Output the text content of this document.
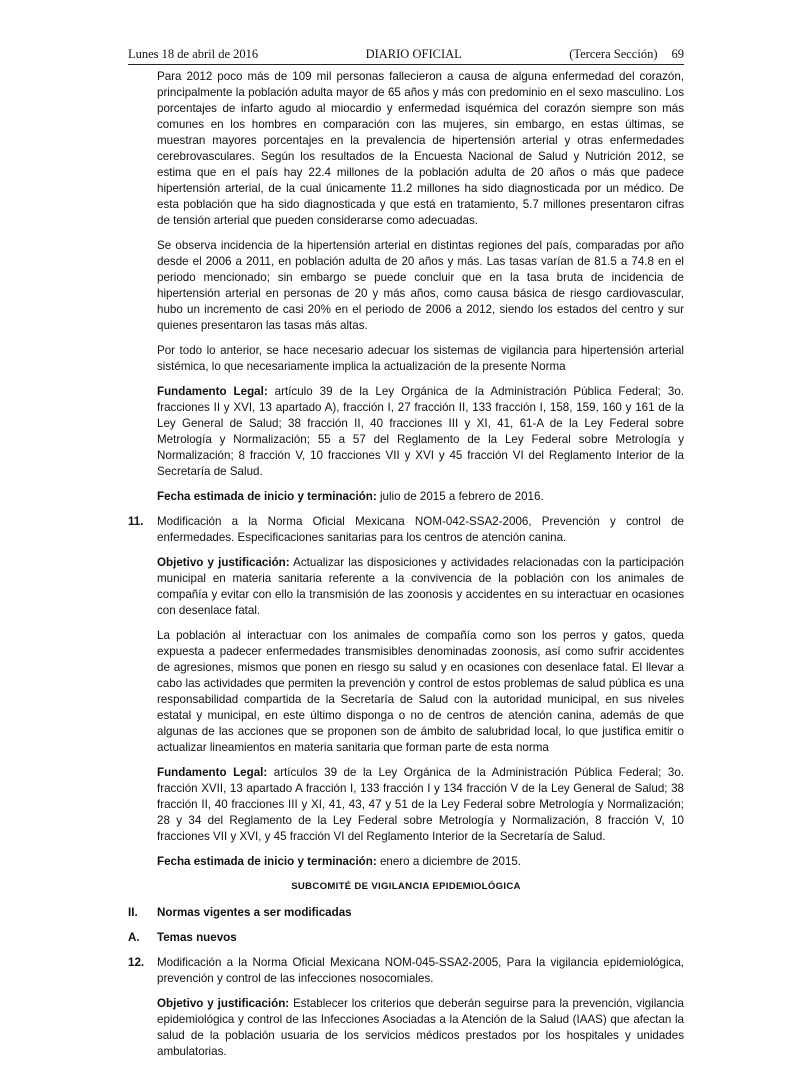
Lunes 18 de abril de 2016	DIARIO OFICIAL	(Tercera Sección) 69

Para 2012 poco más de 109 mil personas fallecieron a causa de alguna enfermedad del corazón, principalmente la población adulta mayor de 65 años y más con predominio en el sexo masculino. Los porcentajes de infarto agudo al miocardio y enfermedad isquémica del corazón siempre son más comunes en los hombres en comparación con las mujeres, sin embargo, en estas últimas, se muestran mayores porcentajes en la prevalencia de hipertensión arterial y otras enfermedades cerebrovasculares. Según los resultados de la Encuesta Nacional de Salud y Nutrición 2012, se estima que en el país hay 22.4 millones de la población adulta de 20 años o más que padece hipertensión arterial, de la cual únicamente 11.2 millones ha sido diagnosticada por un médico. De esta población que ha sido diagnosticada y que está en tratamiento, 5.7 millones presentaron cifras de tensión arterial que pueden considerarse como adecuadas.

Se observa incidencia de la hipertensión arterial en distintas regiones del país, comparadas por año desde el 2006 a 2011, en población adulta de 20 años y más. Las tasas varían de 81.5 a 74.8 en el periodo mencionado; sin embargo se puede concluir que en la tasa bruta de incidencia de hipertensión arterial en personas de 20 y más años, como causa básica de riesgo cardiovascular, hubo un incremento de casi 20% en el periodo de 2006 a 2012, siendo los estados del centro y sur quienes presentaron las tasas más altas.

Por todo lo anterior, se hace necesario adecuar los sistemas de vigilancia para hipertensión arterial sistémica, lo que necesariamente implica la actualización de la presente Norma

Fundamento Legal: artículo 39 de la Ley Orgánica de la Administración Pública Federal; 3o. fracciones II y XVI, 13 apartado A), fracción I, 27 fracción II, 133 fracción I, 158, 159, 160 y 161 de la Ley General de Salud; 38 fracción II, 40 fracciones III y XI, 41, 61-A de la Ley Federal sobre Metrología y Normalización; 55 a 57 del Reglamento de la Ley Federal sobre Metrología y Normalización; 8 fracción V, 10 fracciones VII y XVI y 45 fracción VI del Reglamento Interior de la Secretaría de Salud.

Fecha estimada de inicio y terminación: julio de 2015 a febrero de 2016.

11.	Modificación a la Norma Oficial Mexicana NOM-042-SSA2-2006, Prevención y control de enfermedades. Especificaciones sanitarias para los centros de atención canina.

Objetivo y justificación: Actualizar las disposiciones y actividades relacionadas con la participación municipal en materia sanitaria referente a la convivencia de la población con los animales de compañía y evitar con ello la transmisión de las zoonosis y accidentes en su interactuar en ocasiones con desenlace fatal.

La población al interactuar con los animales de compañía como son los perros y gatos, queda expuesta a padecer enfermedades transmisibles denominadas zoonosis, así como sufrir accidentes de agresiones, mismos que ponen en riesgo su salud y en ocasiones con desenlace fatal. El llevar a cabo las actividades que permiten la prevención y control de estos problemas de salud pública es una responsabilidad compartida de la Secretaría de Salud con la autoridad municipal, en sus niveles estatal y municipal, en este último disponga o no de centros de atención canina, además de que algunas de las acciones que se proponen son de ámbito de salubridad local, lo que justifica emitir o actualizar lineamientos en materia sanitaria que forman parte de esta norma

Fundamento Legal: artículos 39 de la Ley Orgánica de la Administración Pública Federal; 3o. fracción XVII, 13 apartado A fracción I, 133 fracción I y 134 fracción V de la Ley General de Salud; 38 fracción II, 40 fracciones III y XI, 41, 43, 47 y 51 de la Ley Federal sobre Metrología y Normalización; 28 y 34 del Reglamento de la Ley Federal sobre Metrología y Normalización, 8 fracción V, 10 fracciones VII y XVI, y 45 fracción VI del Reglamento Interior de la Secretaría de Salud.

Fecha estimada de inicio y terminación: enero a diciembre de 2015.

SUBCOMITÉ DE VIGILANCIA EPIDEMIOLÓGICA
II.	Normas vigentes a ser modificadas
A.	Temas nuevos
12.	Modificación a la Norma Oficial Mexicana NOM-045-SSA2-2005, Para la vigilancia epidemiológica, prevención y control de las infecciones nosocomiales.

Objetivo y justificación: Establecer los criterios que deberán seguirse para la prevención, vigilancia epidemiológica y control de las Infecciones Asociadas a la Atención de la Salud (IAAS) que afectan la salud de la población usuaria de los servicios médicos prestados por los hospitales y unidades ambulatorias.
